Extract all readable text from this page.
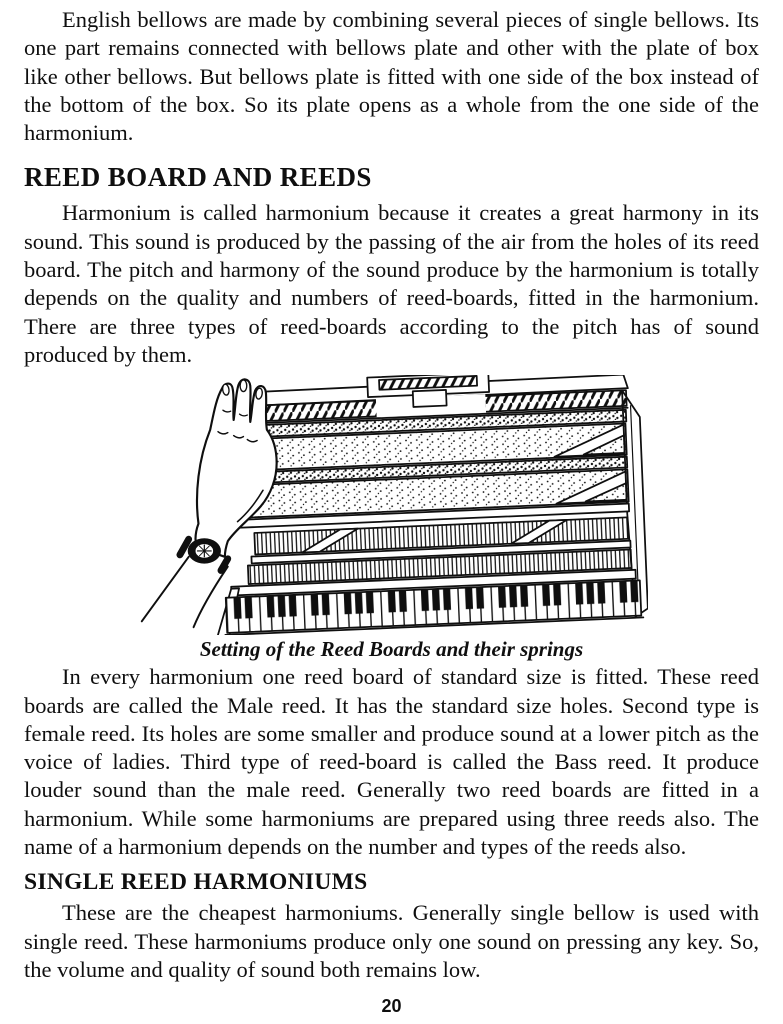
English bellows are made by combining several pieces of single bellows. Its one part remains connected with bellows plate and other with the plate of box like other bellows. But bellows plate is fitted with one side of the box instead of the bottom of the box. So its plate opens as a whole from the one side of the harmonium.

REED BOARD AND REEDS

Harmonium is called harmonium because it creates a great harmony in its sound. This sound is produced by the passing of the air from the holes of its reed board. The pitch and harmony of the sound produce by the harmonium is totally depends on the quality and numbers of reed-boards, fitted in the harmonium. There are three types of reed-boards according to the pitch has of sound produced by them.

Setting of the Reed Boards and their springs

In every harmonium one reed board of standard size is fitted. These reed boards are called the Male reed. It has the standard size holes. Second type is female reed. Its holes are some smaller and produce sound at a lower pitch as the voice of ladies. Third type of reed-board is called the Bass reed. It produce louder sound than the male reed. Generally two reed boards are fitted in a harmonium. While some harmoniums are prepared using three reeds also. The name of a harmonium depends on the number and types of the reeds also.

SINGLE REED HARMONIUMS

These are the cheapest harmoniums. Generally single bellow is used with single reed. These harmoniums produce only one sound on pressing any key. So, the volume and quality of sound both remains low.

20
